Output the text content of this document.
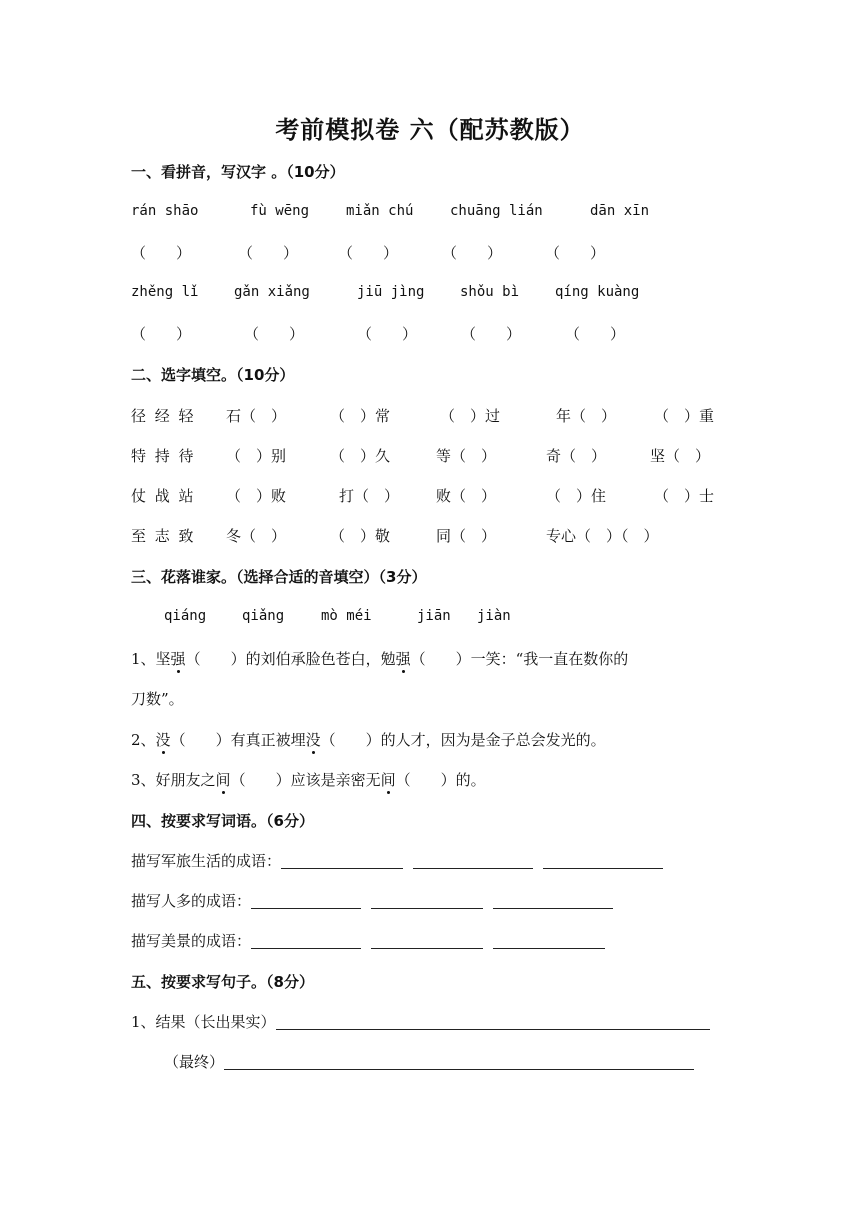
考前模拟卷 六（配苏教版）
一、看拼音，写汉字 。（10分）
rán shāo	fù wēng	miǎn chú	chuāng lián	dān xīn
（　　）	（　　）	（　　）	（　　）	（　　）
zhěng lǐ	gǎn xiǎng	jiū jìng	shǒu bì	qíng kuàng
（　　）	（　　）	（　　）	（　　）	（　　）
二、选字填空。（10分）
径 经 轻 石（　）	（　）常	（　）过	年（　）	（　）重
特 持 待 （　）别	（　）久	等（　）	奇（　）	坚（　）
仗 战 站 （　）败	打（　） 败（　）	（　）住	（　）士
至 志 致 冬（　）	（　）敬	同（　）	专心（　）（　）
三、花落谁家。（选择合适的音填空）（3分）
qiáng	qiǎng	mò méi	jiān jiàn
1、坚强（　　）的刘伯承脸色苍白，勉强（　　）一笑：“我一直在数你的
刀数”。
2、没（　　）有真正被埋没（　　）的人才，因为是金子总会发光的。
3、好朋友之间（　　）应该是亲密无间（　　）的。
四、按要求写词语。（6分）
描写军旅生活的成语：
描写人多的成语：
描写美景的成语：
五、按要求写句子。（8分）
1、结果（长出果实）
（最终）
